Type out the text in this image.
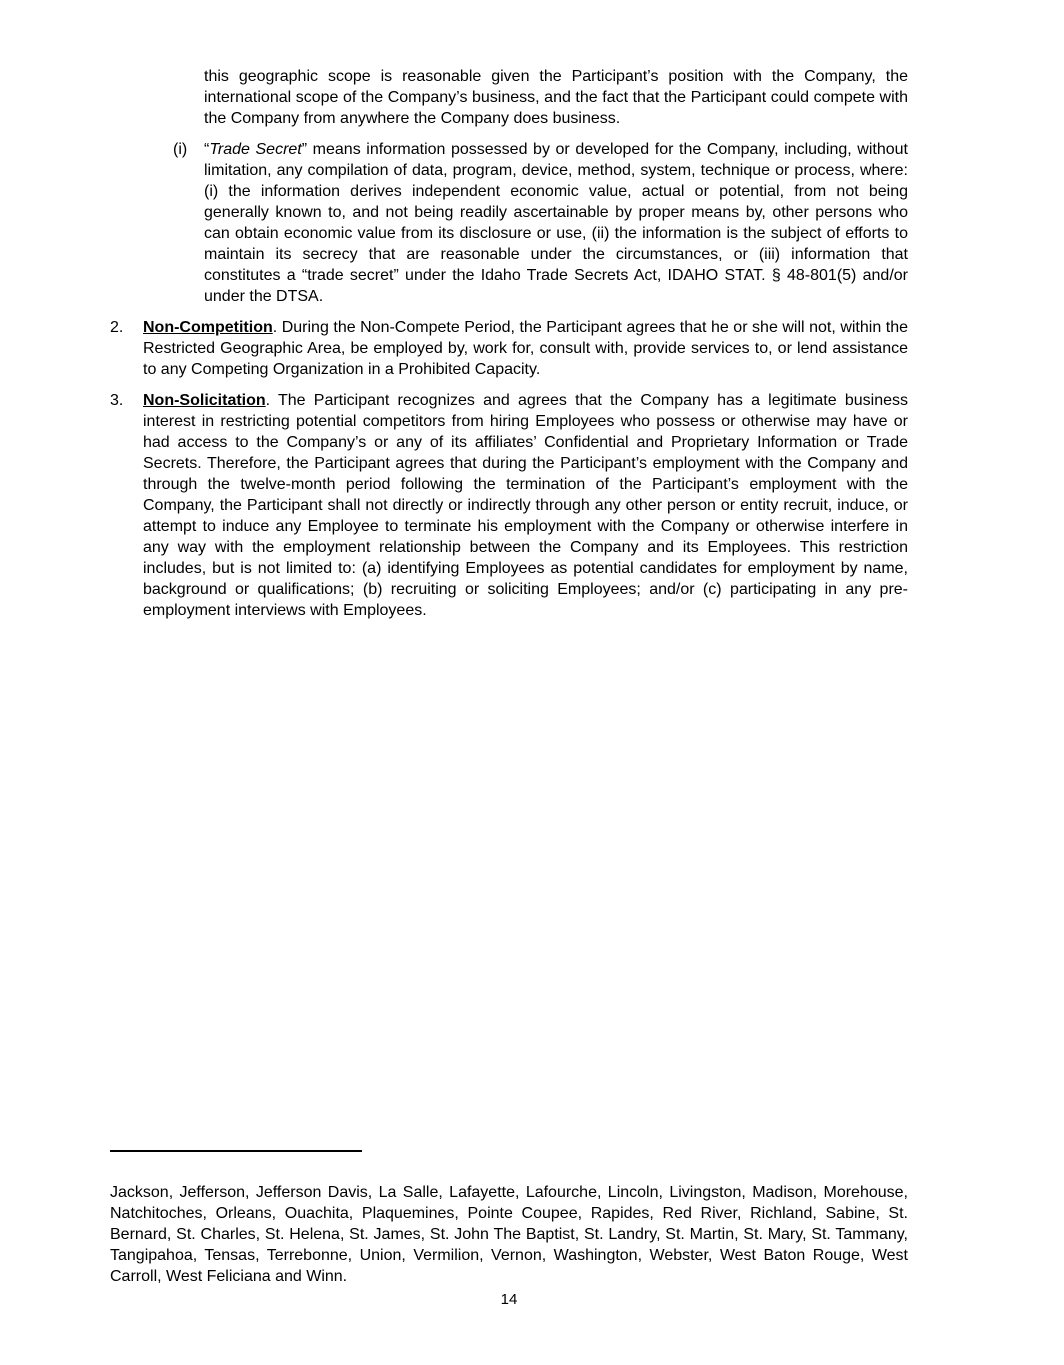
this geographic scope is reasonable given the Participant’s position with the Company, the international scope of the Company’s business, and the fact that the Participant could compete with the Company from anywhere the Company does business.

(i) “Trade Secret” means information possessed by or developed for the Company, including, without limitation, any compilation of data, program, device, method, system, technique or process, where: (i) the information derives independent economic value, actual or potential, from not being generally known to, and not being readily ascertainable by proper means by, other persons who can obtain economic value from its disclosure or use, (ii) the information is the subject of efforts to maintain its secrecy that are reasonable under the circumstances, or (iii) information that constitutes a “trade secret” under the Idaho Trade Secrets Act, IDAHO STAT. § 48-801(5) and/or under the DTSA.

2. Non-Competition. During the Non-Compete Period, the Participant agrees that he or she will not, within the Restricted Geographic Area, be employed by, work for, consult with, provide services to, or lend assistance to any Competing Organization in a Prohibited Capacity.

3. Non-Solicitation. The Participant recognizes and agrees that the Company has a legitimate business interest in restricting potential competitors from hiring Employees who possess or otherwise may have or had access to the Company’s or any of its affiliates’ Confidential and Proprietary Information or Trade Secrets. Therefore, the Participant agrees that during the Participant’s employment with the Company and through the twelve-month period following the termination of the Participant’s employment with the Company, the Participant shall not directly or indirectly through any other person or entity recruit, induce, or attempt to induce any Employee to terminate his employment with the Company or otherwise interfere in any way with the employment relationship between the Company and its Employees. This restriction includes, but is not limited to: (a) identifying Employees as potential candidates for employment by name, background or qualifications; (b) recruiting or soliciting Employees; and/or (c) participating in any pre-employment interviews with Employees.

Jackson, Jefferson, Jefferson Davis, La Salle, Lafayette, Lafourche, Lincoln, Livingston, Madison, Morehouse, Natchitoches, Orleans, Ouachita, Plaquemines, Pointe Coupee, Rapides, Red River, Richland, Sabine, St. Bernard, St. Charles, St. Helena, St. James, St. John The Baptist, St. Landry, St. Martin, St. Mary, St. Tammany, Tangipahoa, Tensas, Terrebonne, Union, Vermilion, Vernon, Washington, Webster, West Baton Rouge, West Carroll, West Feliciana and Winn.

14
